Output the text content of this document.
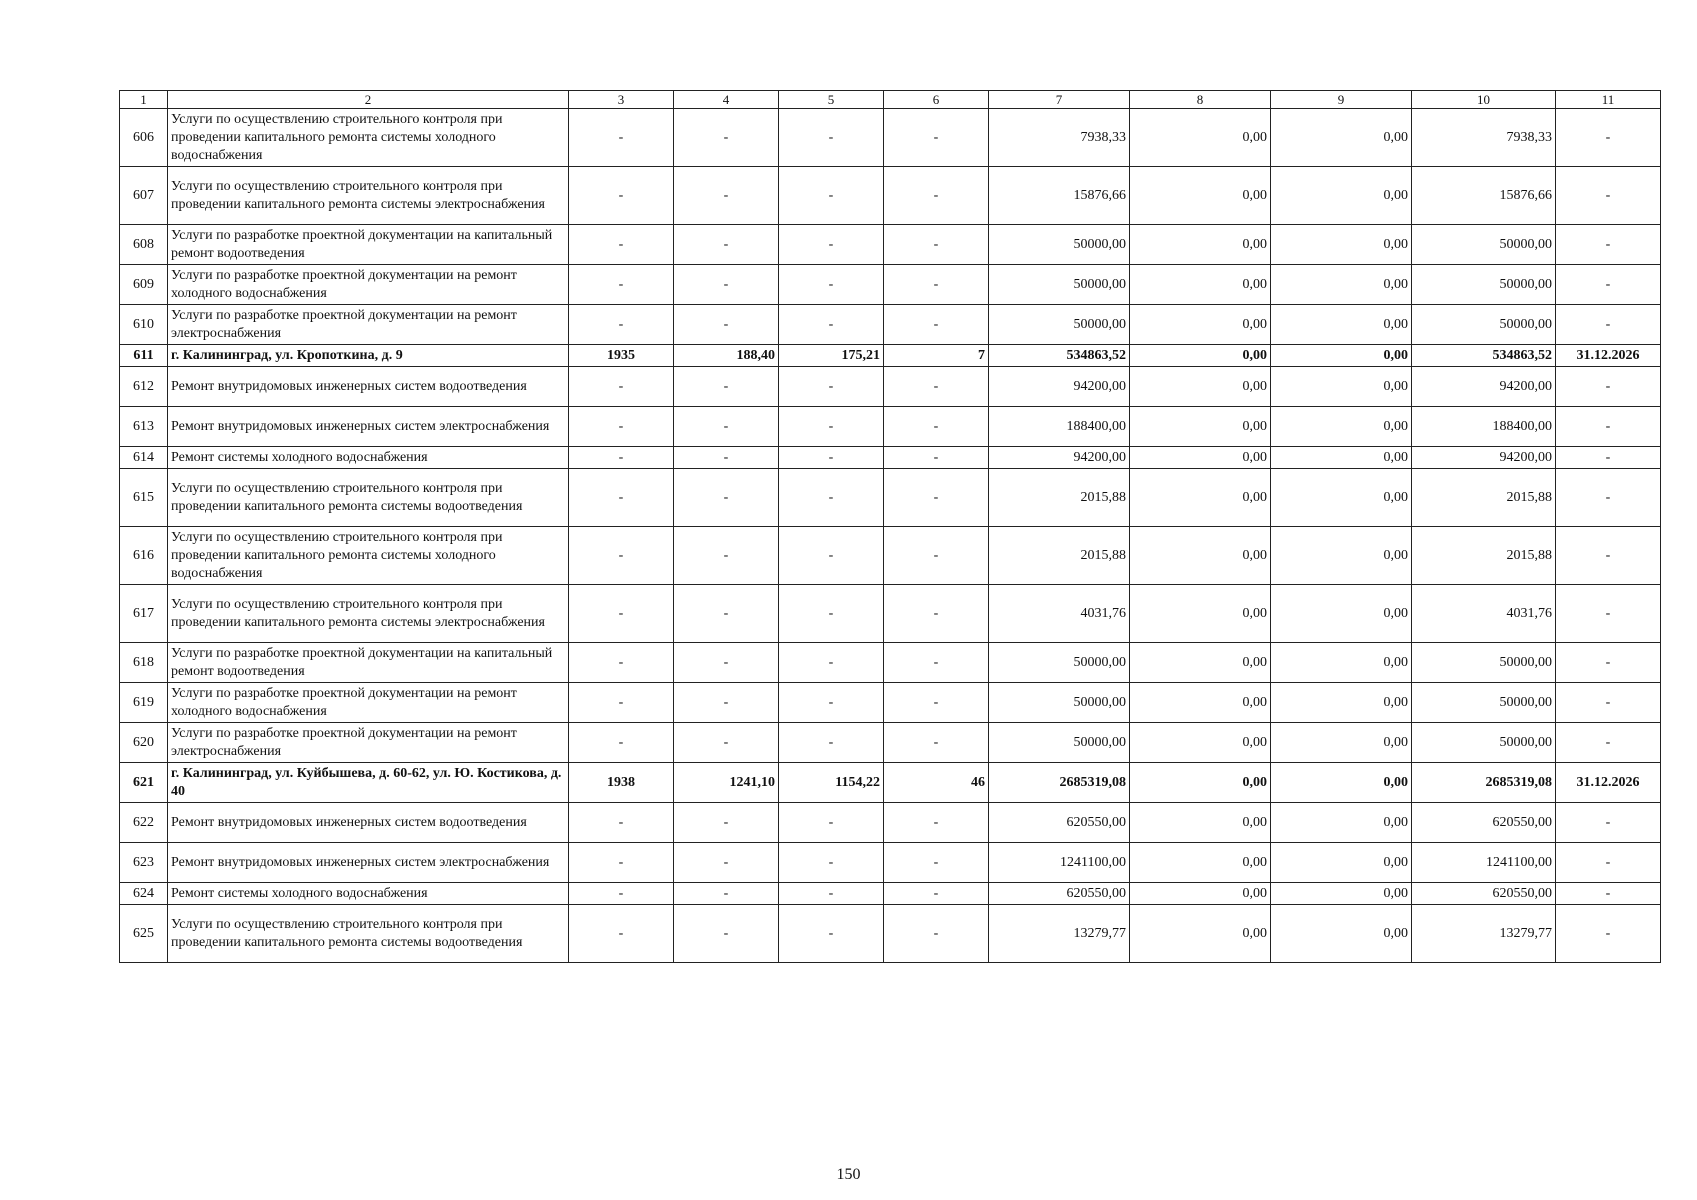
1	2	3	4	5	6	7	8	9	10	11
606	Услуги по осуществлению строительного контроля при проведении капитального ремонта системы холодного водоснабжения	-	-	-	-	7938,33	0,00	0,00	7938,33	-
607	Услуги по осуществлению строительного контроля при проведении капитального ремонта системы электроснабжения	-	-	-	-	15876,66	0,00	0,00	15876,66	-
608	Услуги по разработке проектной документации на капитальный ремонт водоотведения	-	-	-	-	50000,00	0,00	0,00	50000,00	-
609	Услуги по разработке проектной документации на ремонт холодного водоснабжения	-	-	-	-	50000,00	0,00	0,00	50000,00	-
610	Услуги по разработке проектной документации на ремонт электроснабжения	-	-	-	-	50000,00	0,00	0,00	50000,00	-
611	г. Калининград, ул. Кропоткина, д. 9	1935	188,40	175,21	7	534863,52	0,00	0,00	534863,52	31.12.2026
612	Ремонт внутридомовых инженерных систем водоотведения	-	-	-	-	94200,00	0,00	0,00	94200,00	-
613	Ремонт внутридомовых инженерных систем электроснабжения	-	-	-	-	188400,00	0,00	0,00	188400,00	-
614	Ремонт системы холодного водоснабжения	-	-	-	-	94200,00	0,00	0,00	94200,00	-
615	Услуги по осуществлению строительного контроля при проведении капитального ремонта системы водоотведения	-	-	-	-	2015,88	0,00	0,00	2015,88	-
616	Услуги по осуществлению строительного контроля при проведении капитального ремонта системы холодного водоснабжения	-	-	-	-	2015,88	0,00	0,00	2015,88	-
617	Услуги по осуществлению строительного контроля при проведении капитального ремонта системы электроснабжения	-	-	-	-	4031,76	0,00	0,00	4031,76	-
618	Услуги по разработке проектной документации на капитальный ремонт водоотведения	-	-	-	-	50000,00	0,00	0,00	50000,00	-
619	Услуги по разработке проектной документации на ремонт холодного водоснабжения	-	-	-	-	50000,00	0,00	0,00	50000,00	-
620	Услуги по разработке проектной документации на ремонт электроснабжения	-	-	-	-	50000,00	0,00	0,00	50000,00	-
621	г. Калининград, ул. Куйбышева, д. 60-62, ул. Ю. Костикова, д. 40	1938	1241,10	1154,22	46	2685319,08	0,00	0,00	2685319,08	31.12.2026
622	Ремонт внутридомовых инженерных систем водоотведения	-	-	-	-	620550,00	0,00	0,00	620550,00	-
623	Ремонт внутридомовых инженерных систем электроснабжения	-	-	-	-	1241100,00	0,00	0,00	1241100,00	-
624	Ремонт системы холодного водоснабжения	-	-	-	-	620550,00	0,00	0,00	620550,00	-
625	Услуги по осуществлению строительного контроля при проведении капитального ремонта системы водоотведения	-	-	-	-	13279,77	0,00	0,00	13279,77	-
150
